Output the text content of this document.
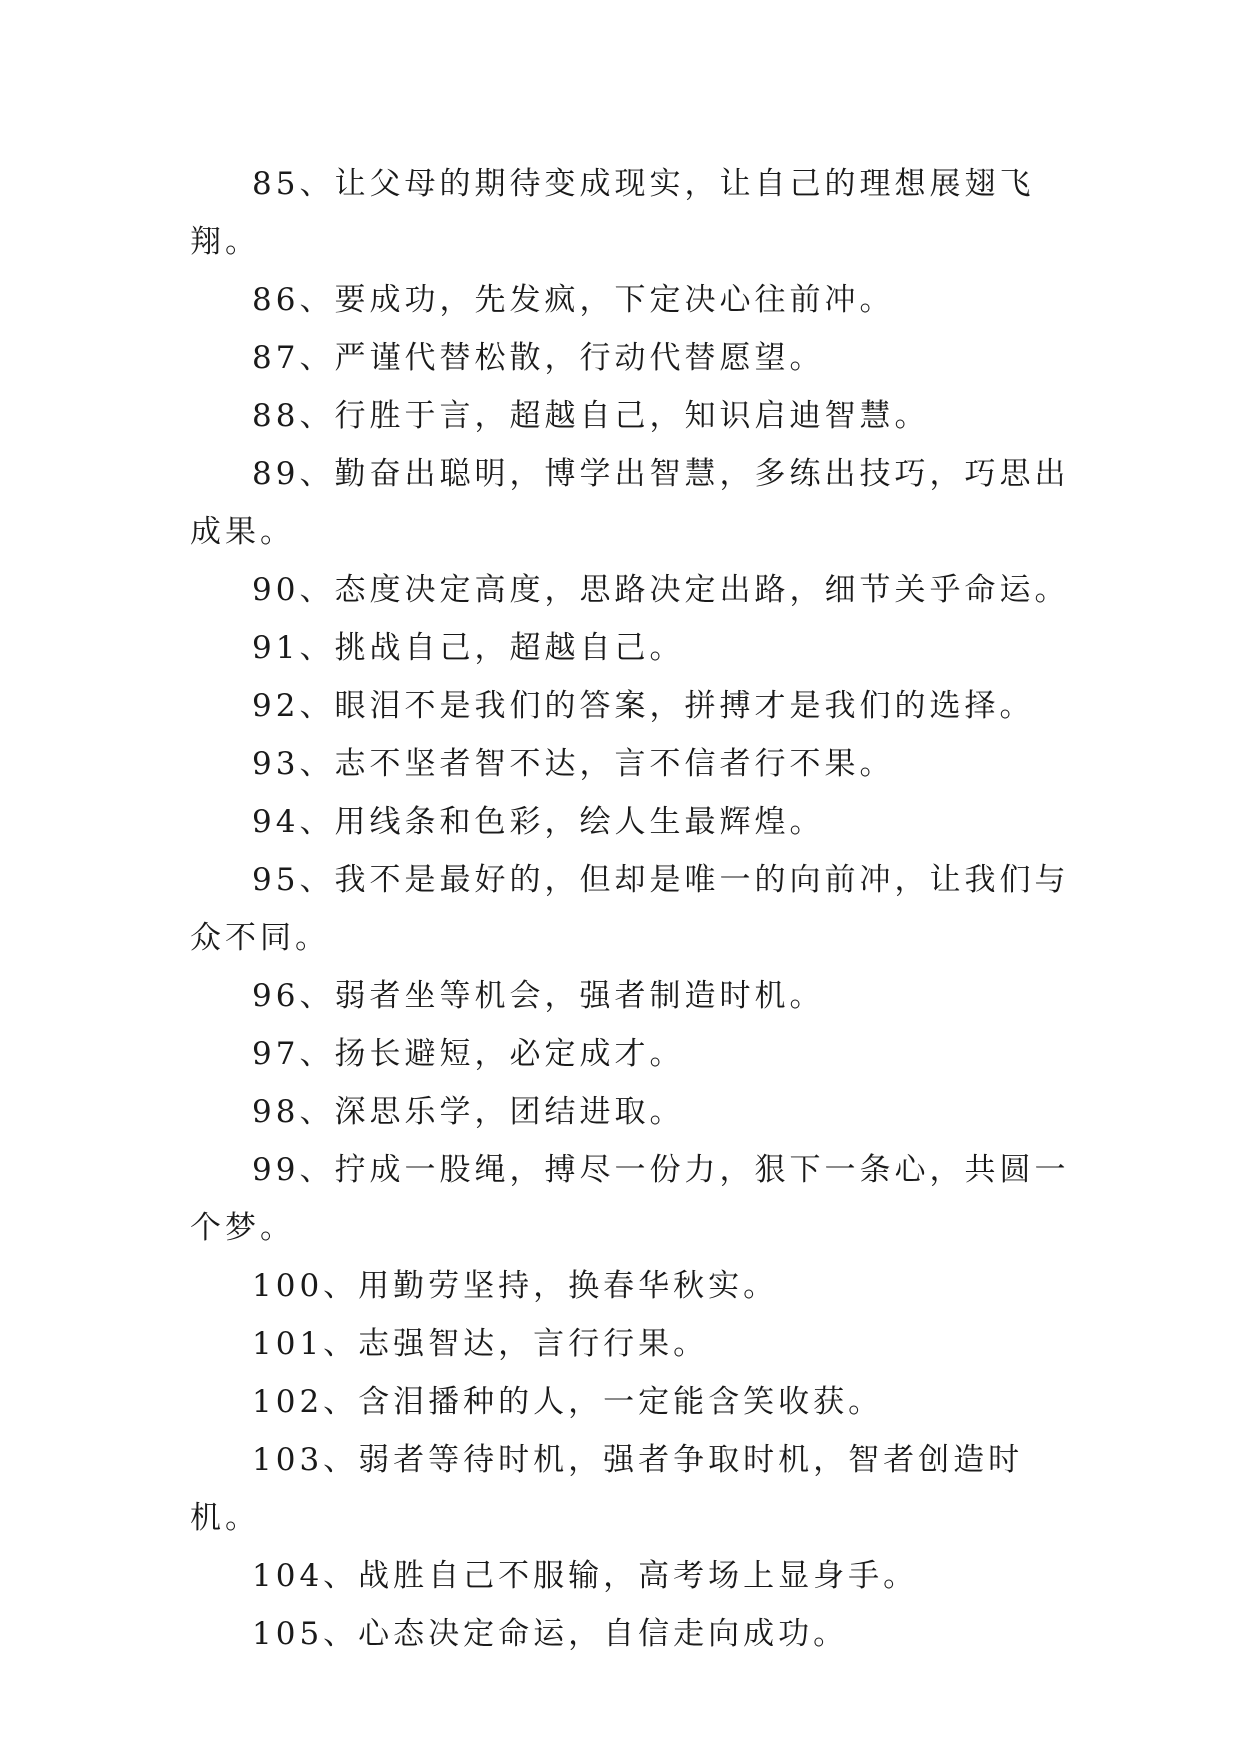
85、让父母的期待变成现实，让自己的理想展翅飞翔。

86、要成功，先发疯，下定决心往前冲。

87、严谨代替松散，行动代替愿望。

88、行胜于言，超越自己，知识启迪智慧。

89、勤奋出聪明，博学出智慧，多练出技巧，巧思出成果。

90、态度决定高度，思路决定出路，细节关乎命运。

91、挑战自己，超越自己。

92、眼泪不是我们的答案，拼搏才是我们的选择。

93、志不坚者智不达，言不信者行不果。

94、用线条和色彩，绘人生最辉煌。

95、我不是最好的，但却是唯一的向前冲，让我们与众不同。

96、弱者坐等机会，强者制造时机。

97、扬长避短，必定成才。

98、深思乐学，团结进取。

99、拧成一股绳，搏尽一份力，狠下一条心，共圆一个梦。

100、用勤劳坚持，换春华秋实。

101、志强智达，言行行果。

102、含泪播种的人，一定能含笑收获。

103、弱者等待时机，强者争取时机，智者创造时机。

104、战胜自己不服输，高考场上显身手。

105、心态决定命运，自信走向成功。
